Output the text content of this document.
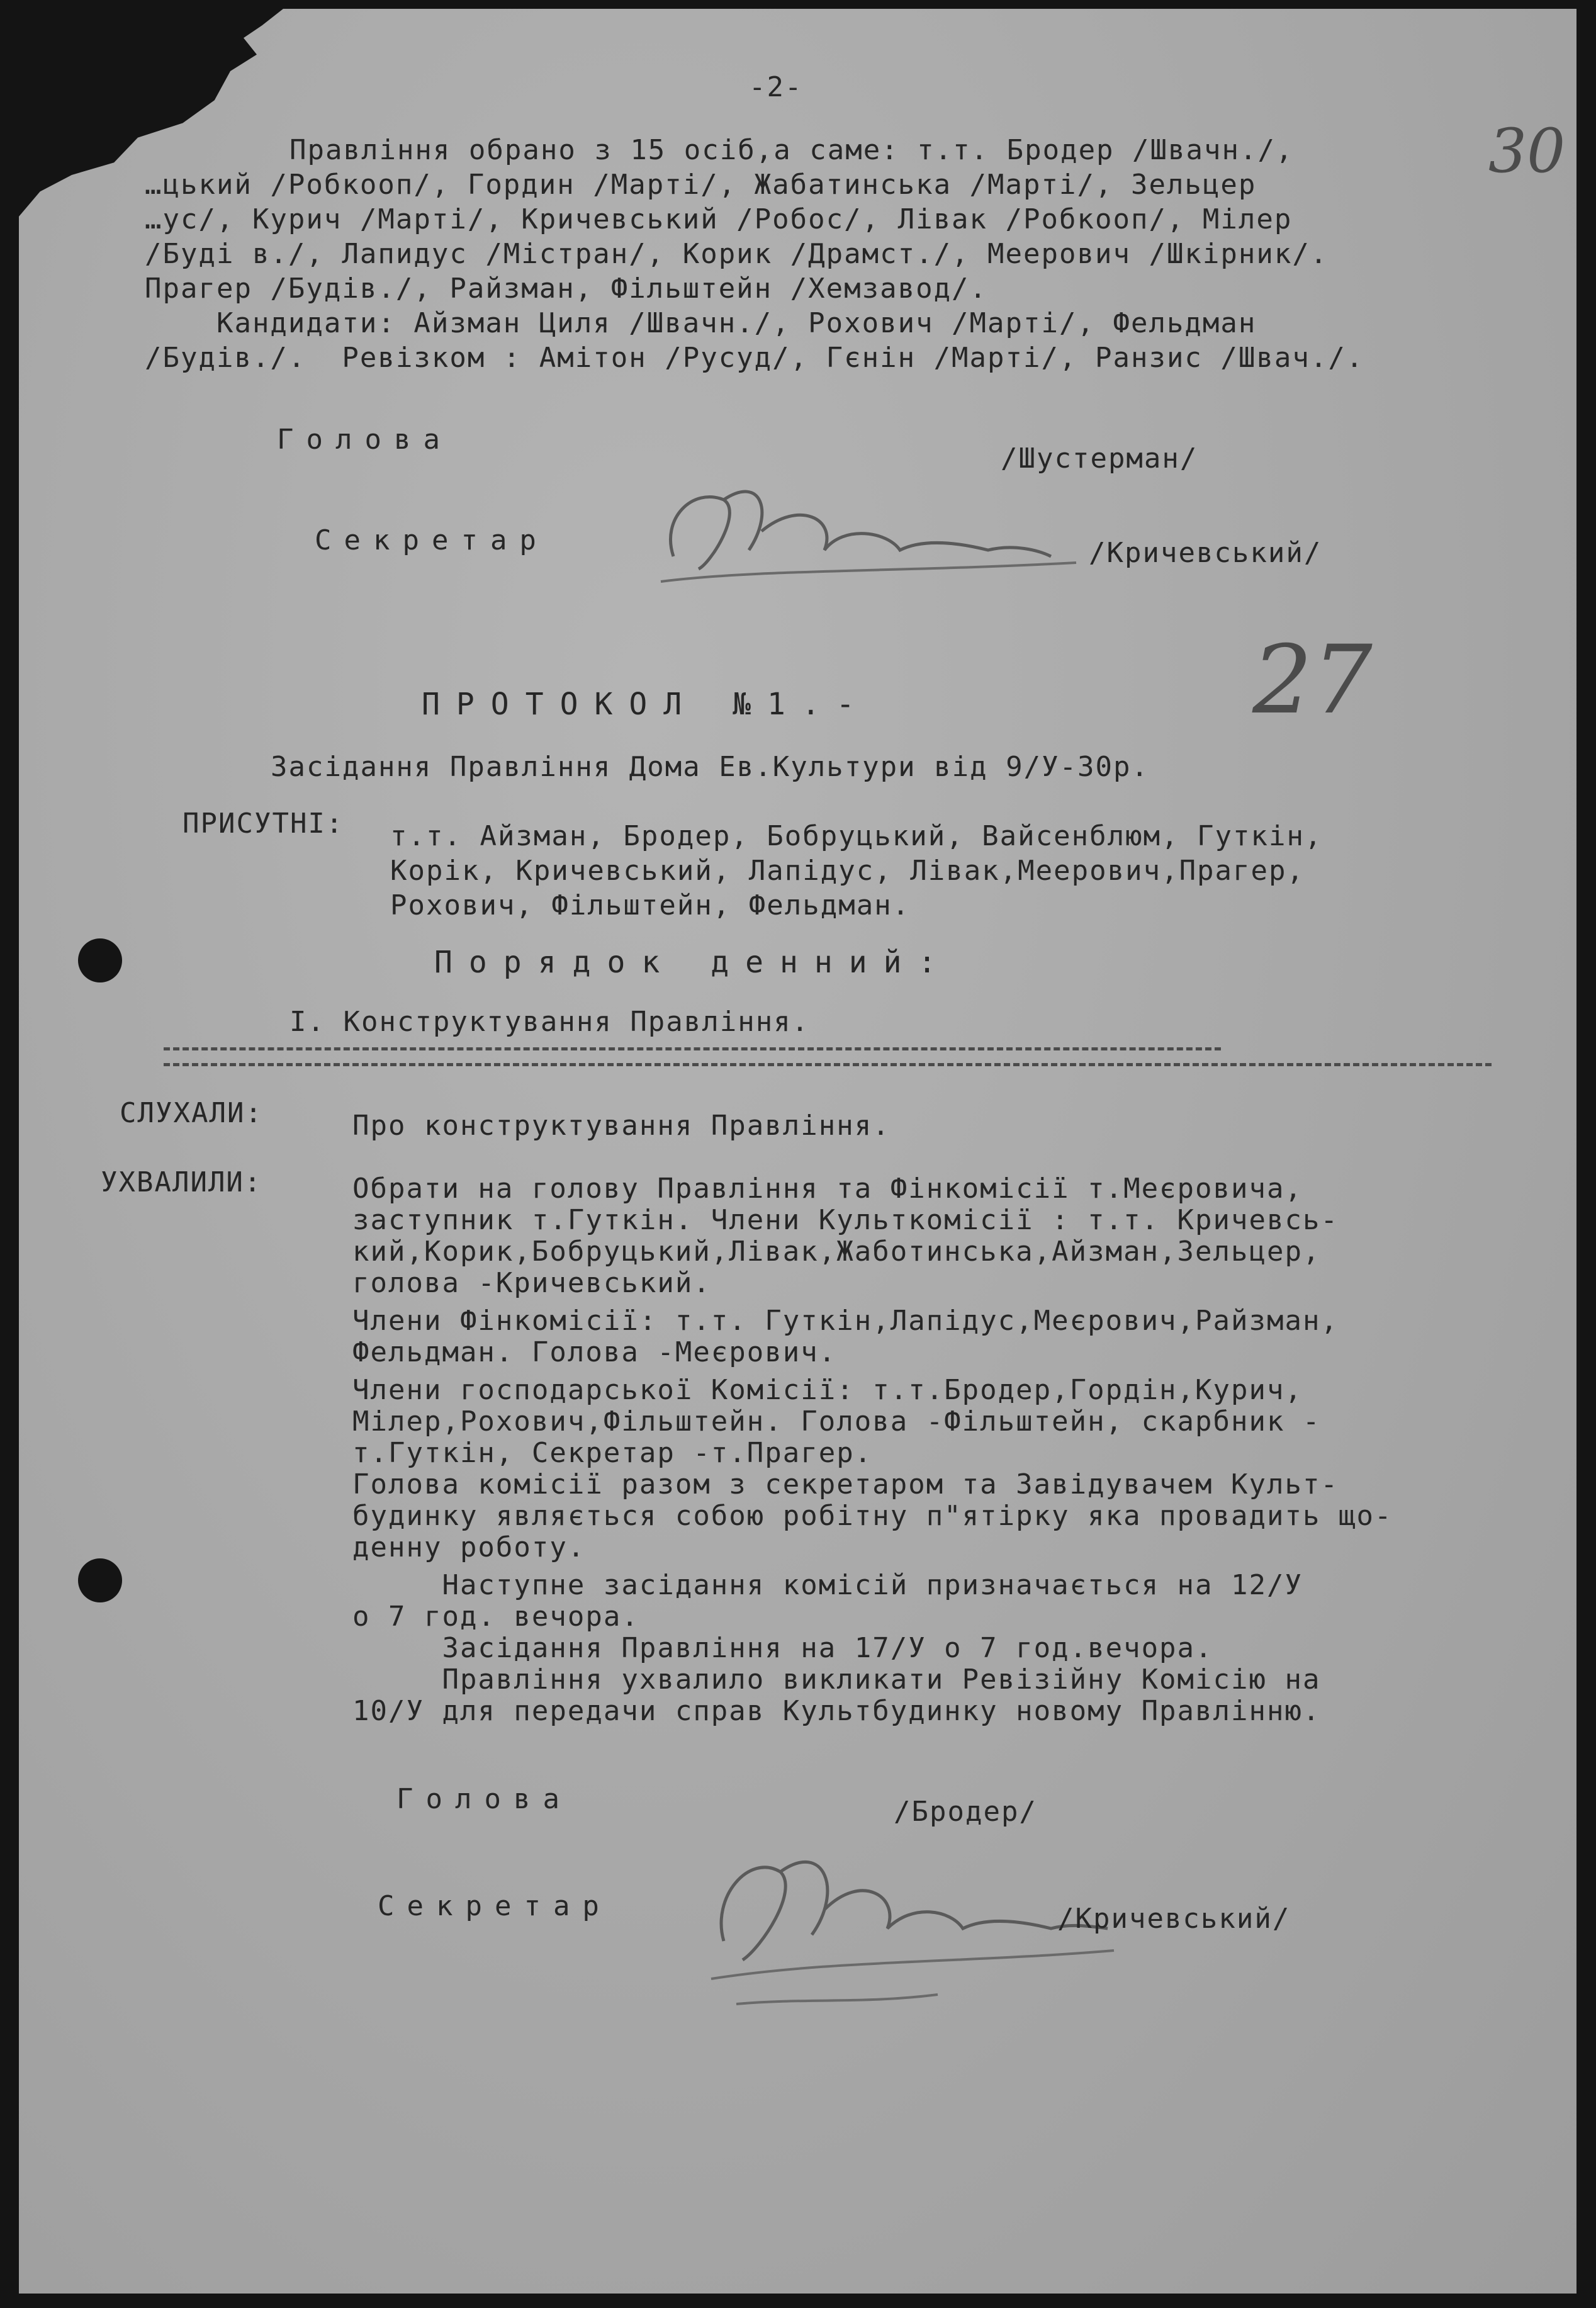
-2-
30
Правління обрано з 15 осіб,а саме: т.т. Бродер /Швачн./,
…цький /Робкооп/, Гордин /Марті/, Жабатинська /Марті/, Зельцер
…ус/, Курич /Марті/, Кричевський /Робос/, Лівак /Робкооп/, Мілер
/Буді в./, Лапидус /Містран/, Корик /Драмст./, Меерович /Шкірник/.
Прагер /Будів./, Райзман, Фільштейн /Хемзавод/.
Кандидати: Айзман Циля /Швачн./, Рохович /Марті/, Фельдман
/Будів./.  Ревізком : Амітон /Русуд/, Гєнін /Марті/, Ранзис /Швач./.
Голова
/Шустерман/
Секретар	/Кричевський/
27
ПРОТОКОЛ №1.-
Засідання Правління Дома Ев.Культури від 9/У-30р.
ПРИСУТНІ: т.т. Айзман, Бродер, Бобруцький, Вайсенблюм, Гуткін,
Корік, Кричевський, Лапідус, Лівак,Меерович,Прагер,
Рохович, Фільштейн, Фельдман.
Порядок денний:
І. Конструктування Правління.
СЛУХАЛИ:	Про конструктування Правління.
УХВАЛИЛИ:	Обрати на голову Правління та Фінкомісії т.Меєровича,
заступник т.Гуткін. Члени Культкомісії : т.т. Кричевсь-
кий,Корик,Бобруцький,Лівак,Жаботинська,Айзман,Зельцер,
голова -Кричевський.
Члени Фінкомісії: т.т. Гуткін,Лапідус,Меєрович,Райзман,
Фельдман. Голова -Меєрович.
Члени господарської Комісії: т.т.Бродер,Гордін,Курич,
Мілер,Рохович,Фільштейн. Голова -Фільштейн, скарбник -
т.Гуткін, Секретар -т.Прагер.
Голова комісії разом з секретаром та Завідувачем Культ-
будинку являється собою робітну п"ятірку яка провадить що-
денну роботу.
Наступне засідання комісій призначається на 12/У
о 7 год. вечора.
Засідання Правління на 17/У о 7 год.вечора.
Правління ухвалило викликати Ревізійну Комісію на
10/У для передачи справ Культбудинку новому Правлінню.
Голова	/Бродер/
Секретар	/Кричевський/
